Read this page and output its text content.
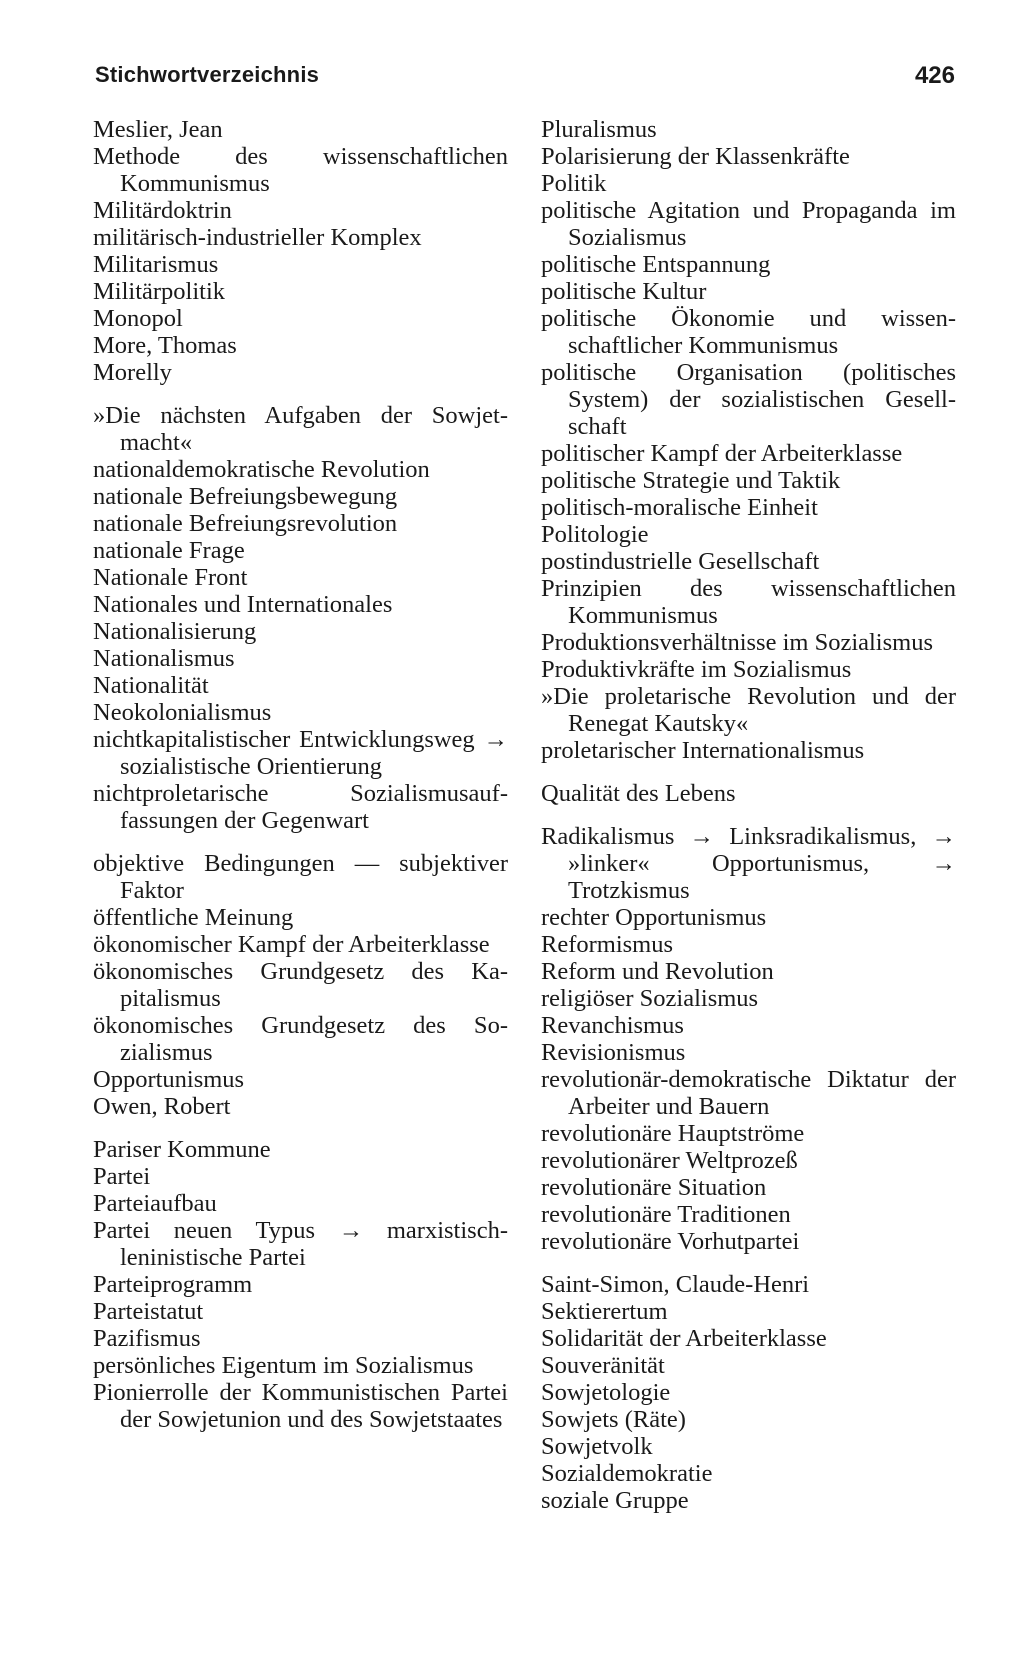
Stichwortverzeichnis	426
Meslier, Jean
Methode des wissenschaftlichen Kommunismus
Militärdoktrin
militärisch-industrieller Komplex
Militarismus
Militärpolitik
Monopol
More, Thomas
Morelly
»Die nächsten Aufgaben der Sowjetmacht«
nationaldemokratische Revolution
nationale Befreiungsbewegung
nationale Befreiungsrevolution
nationale Frage
Nationale Front
Nationales und Internationales
Nationalisierung
Nationalismus
Nationalität
Neokolonialismus
nichtkapitalistischer Entwicklungsweg → sozialistische Orientierung
nichtproletarische Sozialismusauffassungen der Gegenwart
objektive Bedingungen — subjektiver Faktor
öffentliche Meinung
ökonomischer Kampf der Arbeiterklasse
ökonomisches Grundgesetz des Kapitalismus
ökonomisches Grundgesetz des Sozialismus
Opportunismus
Owen, Robert
Pariser Kommune
Partei
Parteiaufbau
Partei neuen Typus → marxistischleninistische Partei
Parteiprogramm
Parteistatut
Pazifismus
persönliches Eigentum im Sozialismus
Pionierrolle der Kommunistischen Partei der Sowjetunion und des Sowjetstaates
Pluralismus
Polarisierung der Klassenkräfte
Politik
politische Agitation und Propaganda im Sozialismus
politische Entspannung
politische Kultur
politische Ökonomie und wissenschaftlicher Kommunismus
politische Organisation (politisches System) der sozialistischen Gesellschaft
politischer Kampf der Arbeiterklasse
politische Strategie und Taktik
politisch-moralische Einheit
Politologie
postindustrielle Gesellschaft
Prinzipien des wissenschaftlichen Kommunismus
Produktionsverhältnisse im Sozialismus
Produktivkräfte im Sozialismus
»Die proletarische Revolution und der Renegat Kautsky«
proletarischer Internationalismus
Qualität des Lebens
Radikalismus → Linksradikalismus, → »linker« Opportunismus, → Trotzkismus
rechter Opportunismus
Reformismus
Reform und Revolution
religiöser Sozialismus
Revanchismus
Revisionismus
revolutionär-demokratische Diktatur der Arbeiter und Bauern
revolutionäre Hauptströme
revolutionärer Weltprozeß
revolutionäre Situation
revolutionäre Traditionen
revolutionäre Vorhutpartei
Saint-Simon, Claude-Henri
Sektierertum
Solidarität der Arbeiterklasse
Souveränität
Sowjetologie
Sowjets (Räte)
Sowjetvolk
Sozialdemokratie
soziale Gruppe
